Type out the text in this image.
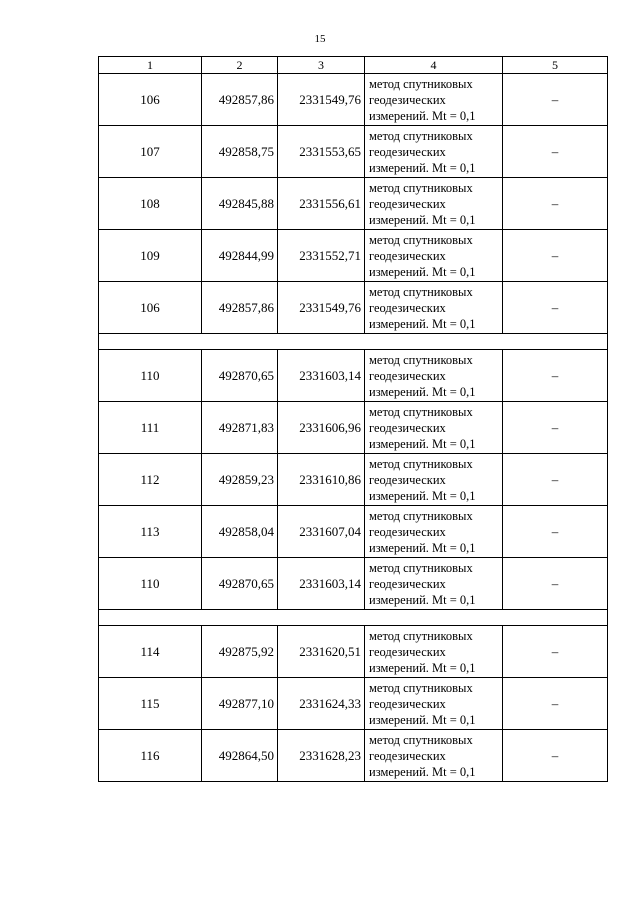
15
1	2	3	4	5
106	492857,86	2331549,76	метод спутниковых
геодезических
измерений. Mt = 0,1	–
107	492858,75	2331553,65	метод спутниковых
геодезических
измерений. Mt = 0,1	–
108	492845,88	2331556,61	метод спутниковых
геодезических
измерений. Mt = 0,1	–
109	492844,99	2331552,71	метод спутниковых
геодезических
измерений. Mt = 0,1	–
106	492857,86	2331549,76	метод спутниковых
геодезических
измерений. Mt = 0,1	–

110	492870,65	2331603,14	метод спутниковых
геодезических
измерений. Mt = 0,1	–
111	492871,83	2331606,96	метод спутниковых
геодезических
измерений. Mt = 0,1	–
112	492859,23	2331610,86	метод спутниковых
геодезических
измерений. Mt = 0,1	–
113	492858,04	2331607,04	метод спутниковых
геодезических
измерений. Mt = 0,1	–
110	492870,65	2331603,14	метод спутниковых
геодезических
измерений. Mt = 0,1	–

114	492875,92	2331620,51	метод спутниковых
геодезических
измерений. Mt = 0,1	–
115	492877,10	2331624,33	метод спутниковых
геодезических
измерений. Mt = 0,1	–
116	492864,50	2331628,23	метод спутниковых
геодезических
измерений. Mt = 0,1	–
